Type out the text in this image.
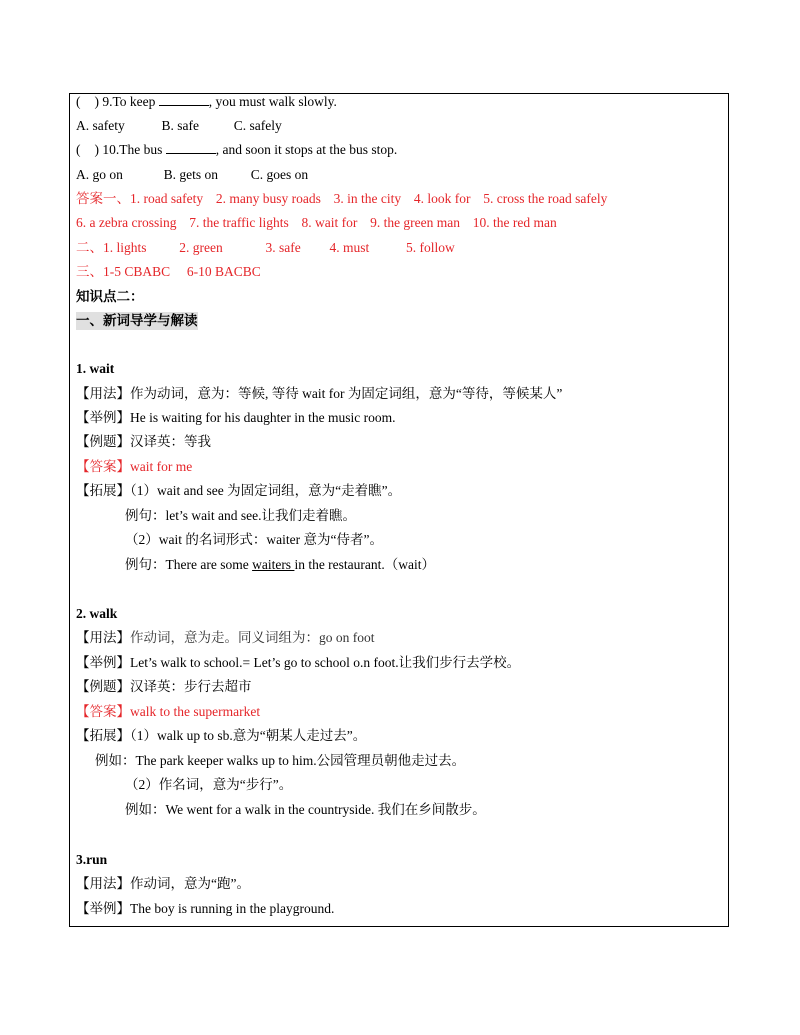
( ) 9.To keep	, you must walk slowly.
A. safety	B. safe	C. safely
( ) 10.The bus	, and soon it stops at the bus stop.
A. go on	B. gets on C. goes on
答案一、1. road safety 2. many busy roads 3. in the city 4. look for 5. cross the road safely
6. a zebra crossing 7. the traffic lights 8. wait for 9. the green man 10. the red man
二、1. lights 2. green	3. safe 4. must	5. follow
三、1-5 CBABC 6-10 BACBC
知识点二：
一、新词导学与解读
1. wait
【用法】作为动词，意为：等候, 等待 wait for 为固定词组，意为“等待，等候某人”
【举例】He is waiting for his daughter in the music room.
【例题】汉译英：等我
【答案】wait for me
【拓展】（1）wait and see 为固定词组，意为“走着瞧”。
例句：let’s wait and see.让我们走着瞧。
（2）wait 的名词形式：waiter 意为“侍者”。
例句：There are some waiters in the restaurant.（wait）
2. walk
【用法】作动词，意为走。同义词组为：go on foot
【举例】Let’s walk to school.= Let’s go to school o.n foot.让我们步行去学校。
【例题】汉译英：步行去超市
【答案】walk to the supermarket
【拓展】（1）walk up to sb.意为“朝某人走过去”。
例如：The park keeper walks up to him.公园管理员朝他走过去。
（2）作名词，意为“步行”。
例如：We went for a walk in the countryside. 我们在乡间散步。
3.run
【用法】作动词，意为“跑”。
【举例】The boy is running in the playground.
